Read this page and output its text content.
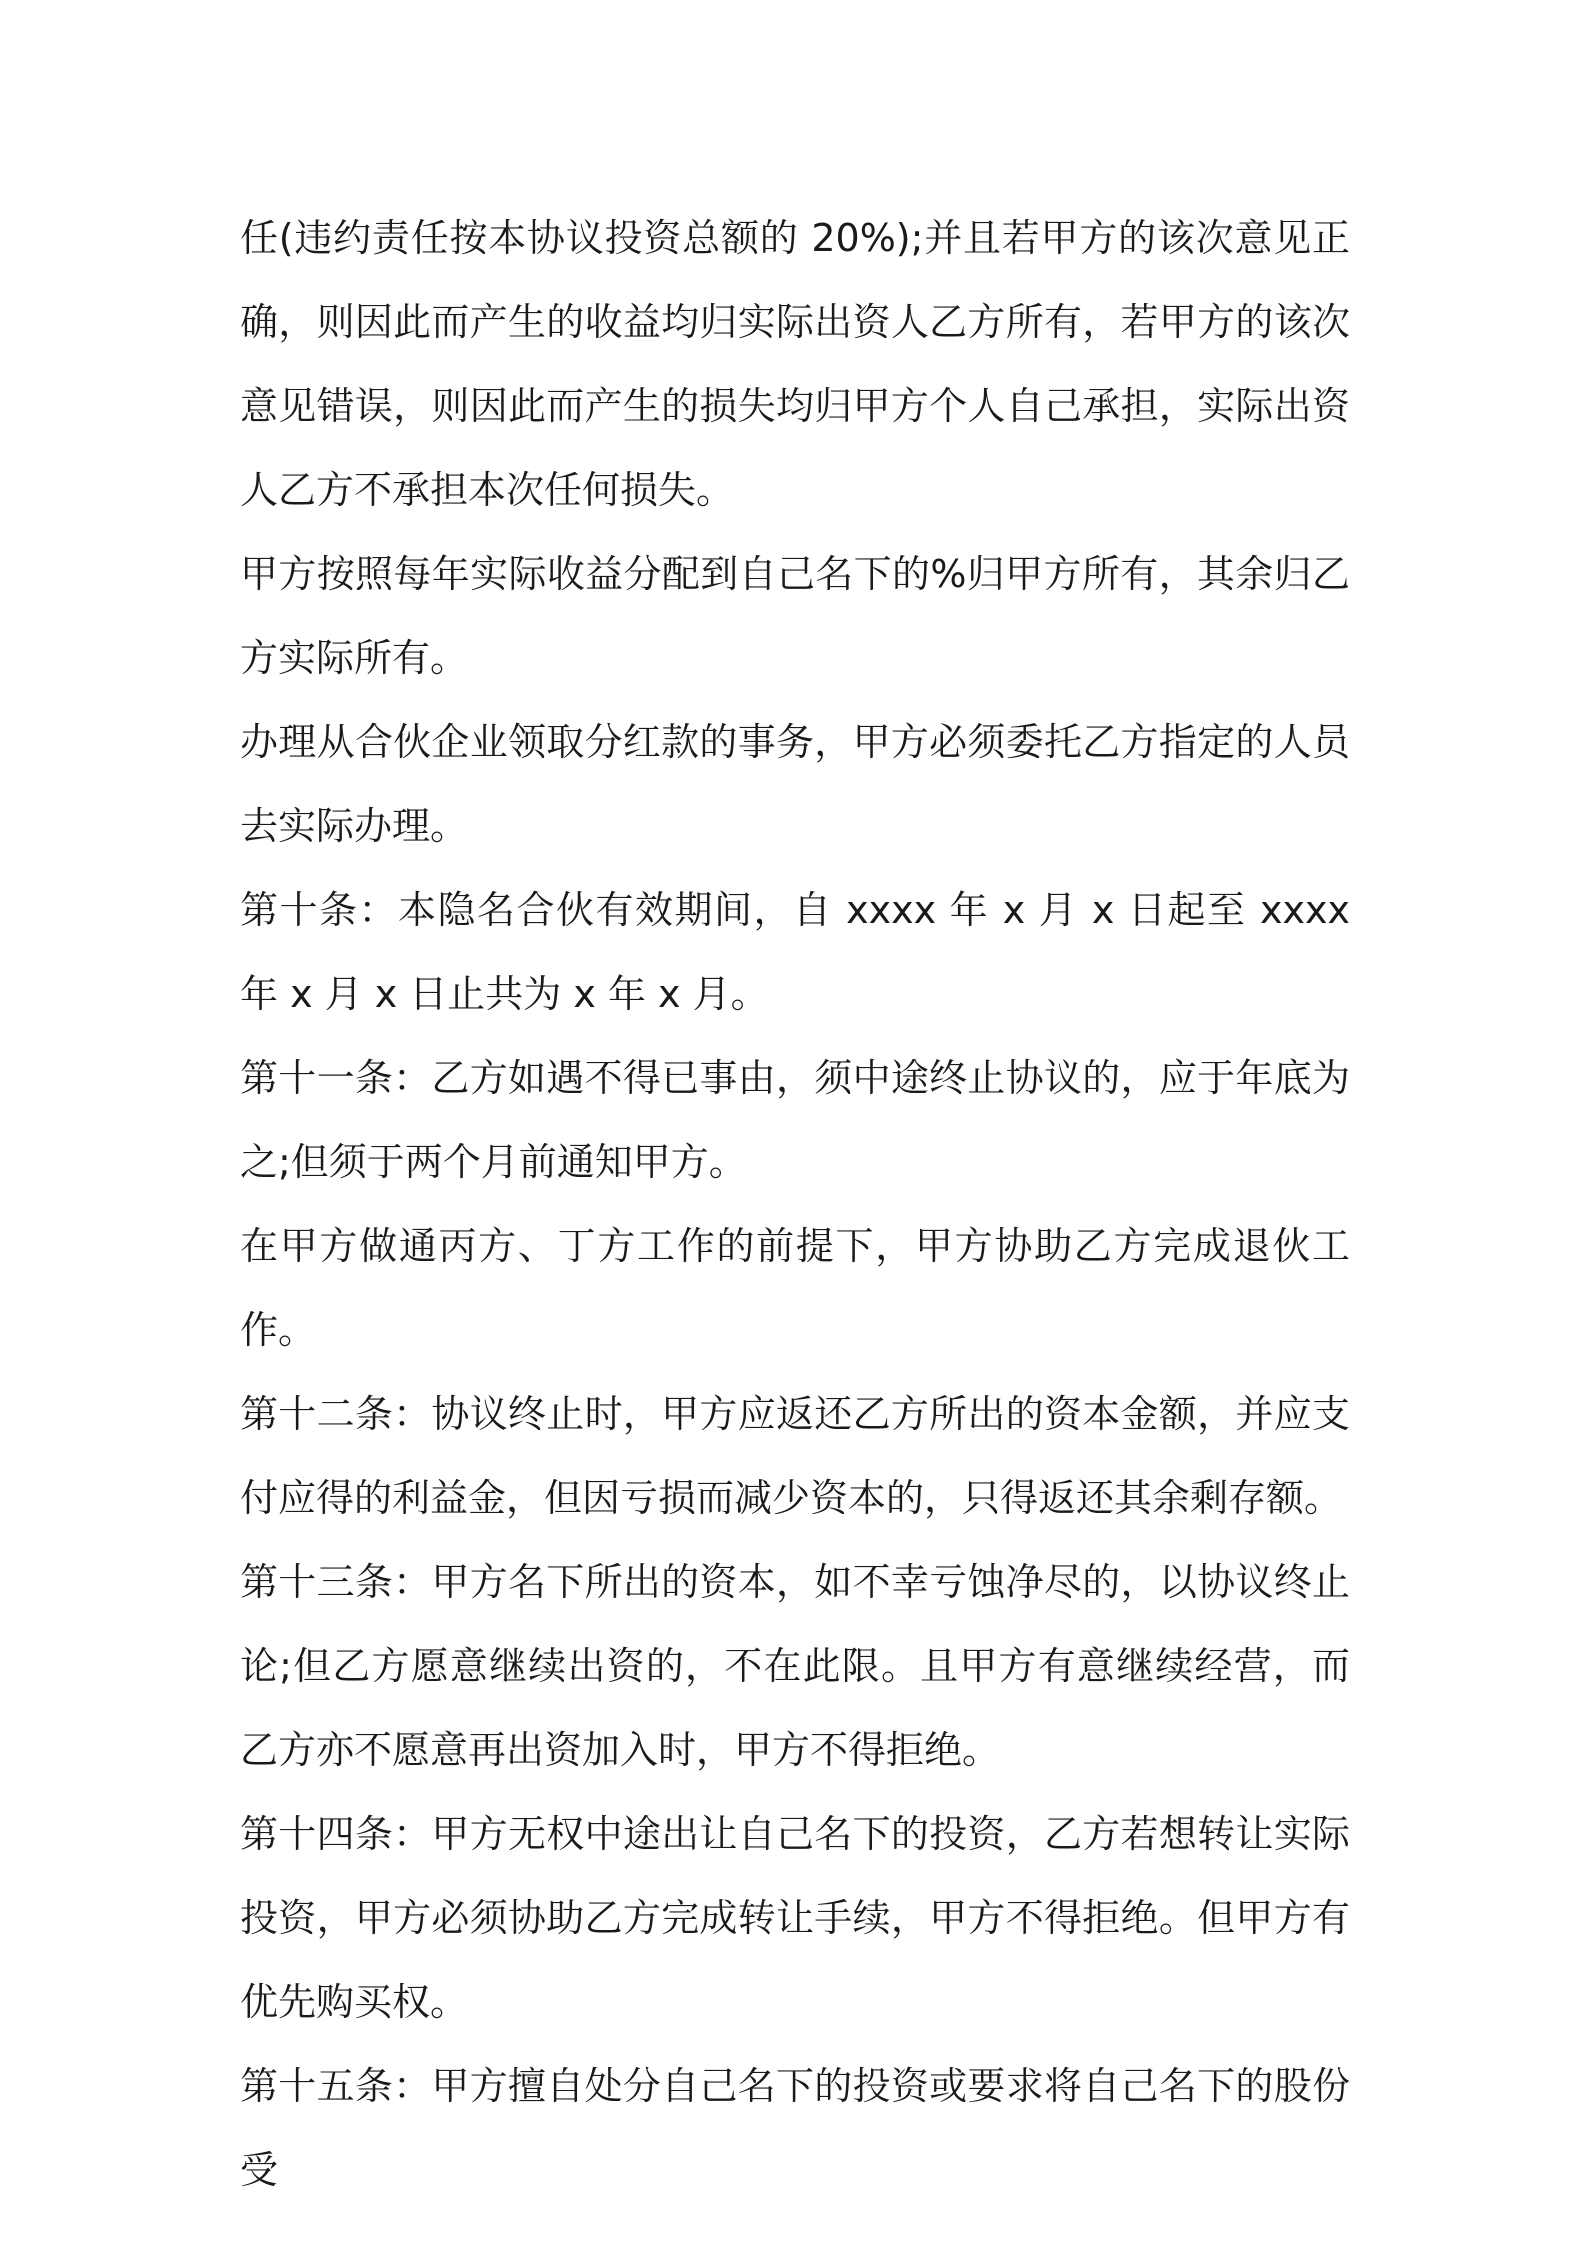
任(违约责任按本协议投资总额的 20%);并且若甲方的该次意见正确，则因此而产生的收益均归实际出资人乙方所有，若甲方的该次意见错误，则因此而产生的损失均归甲方个人自己承担，实际出资人乙方不承担本次任何损失。

甲方按照每年实际收益分配到自己名下的%归甲方所有，其余归乙方实际所有。

办理从合伙企业领取分红款的事务，甲方必须委托乙方指定的人员去实际办理。

第十条：本隐名合伙有效期间，自 xxxx 年 x 月 x 日起至 xxxx 年 x 月 x 日止共为 x 年 x 月。

第十一条：乙方如遇不得已事由，须中途终止协议的，应于年底为之;但须于两个月前通知甲方。

在甲方做通丙方、丁方工作的前提下，甲方协助乙方完成退伙工作。

第十二条：协议终止时，甲方应返还乙方所出的资本金额，并应支付应得的利益金，但因亏损而减少资本的，只得返还其余剩存额。

第十三条：甲方名下所出的资本，如不幸亏蚀净尽的，以协议终止论;但乙方愿意继续出资的，不在此限。且甲方有意继续经营，而乙方亦不愿意再出资加入时，甲方不得拒绝。

第十四条：甲方无权中途出让自己名下的投资，乙方若想转让实际投资，甲方必须协助乙方完成转让手续，甲方不得拒绝。但甲方有优先购买权。

第十五条：甲方擅自处分自己名下的投资或要求将自己名下的股份受
